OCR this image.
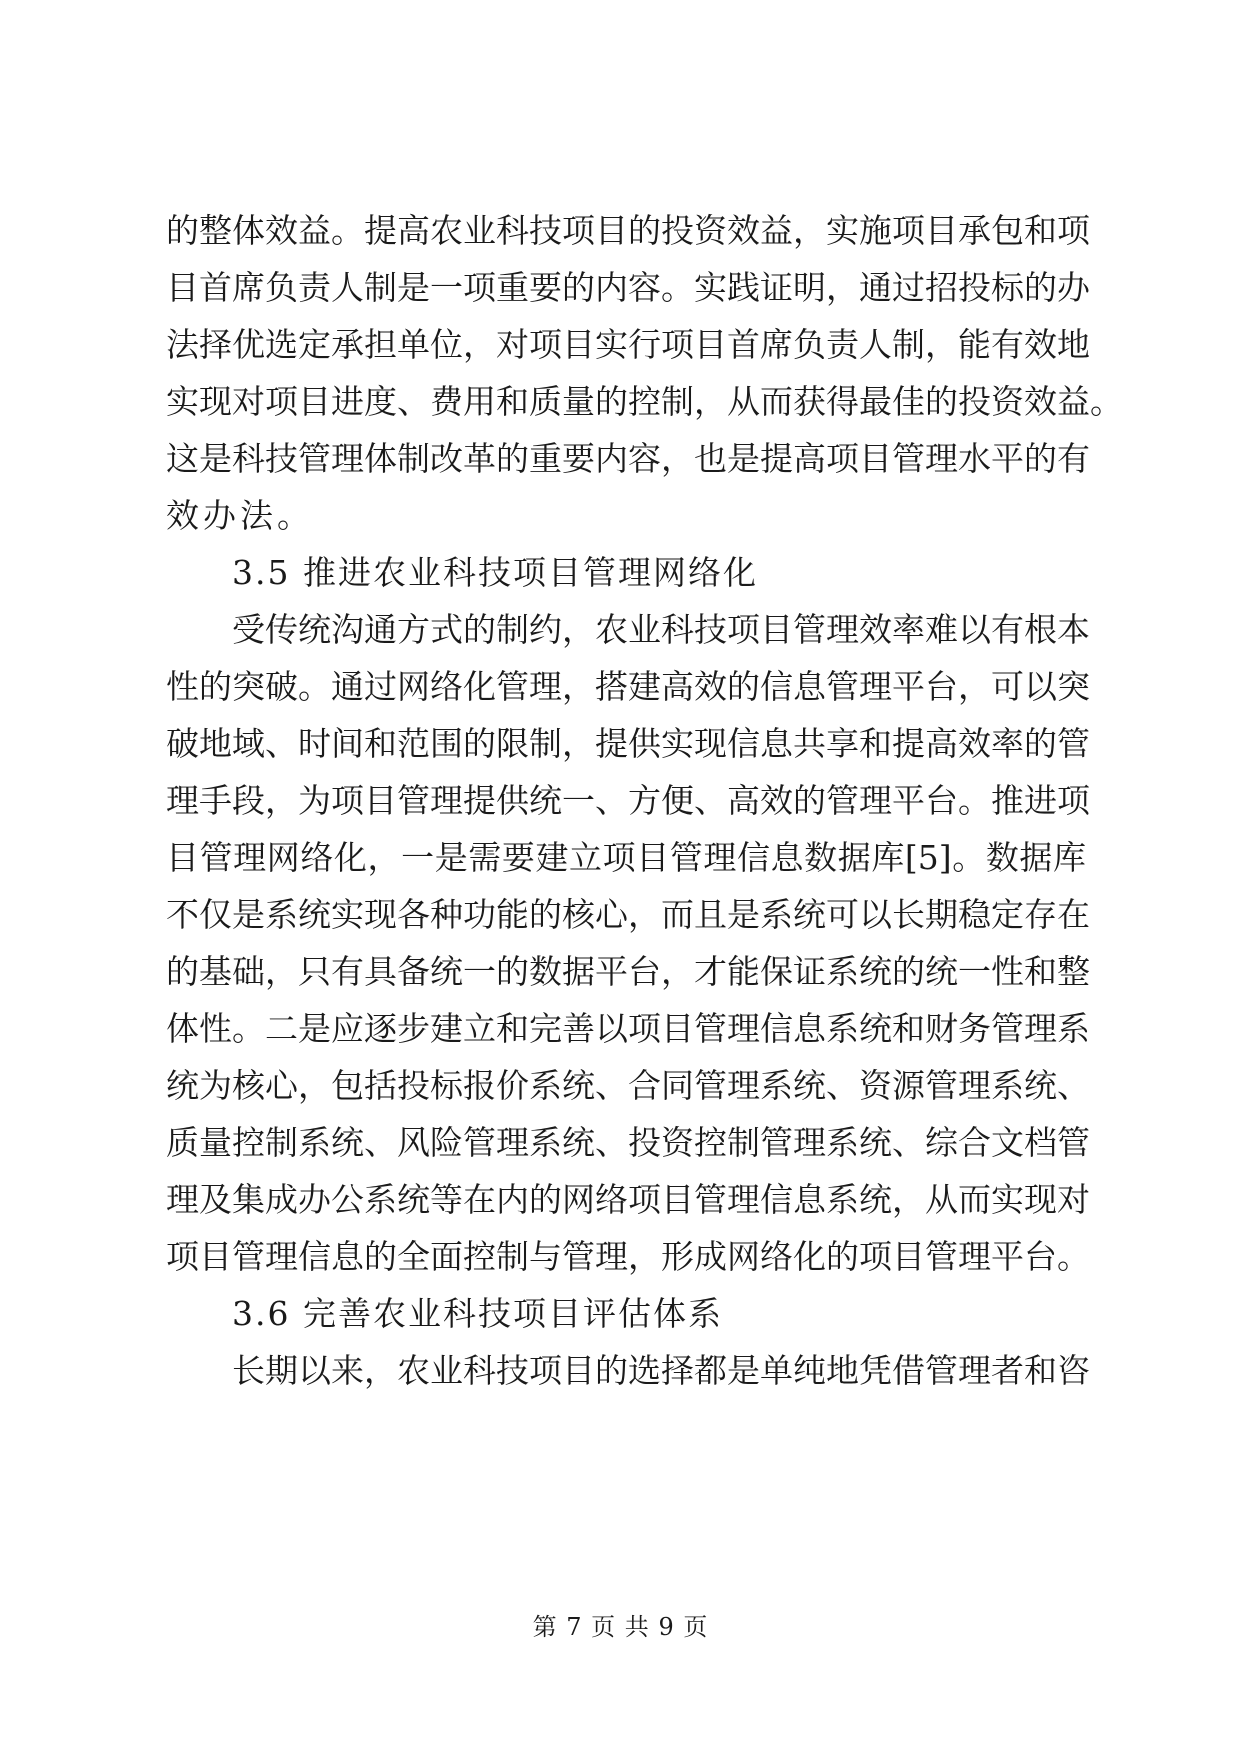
的整体效益。提高农业科技项目的投资效益，实施项目承包和项
目首席负责人制是一项重要的内容。实践证明，通过招投标的办
法择优选定承担单位，对项目实行项目首席负责人制，能有效地
实现对项目进度、费用和质量的控制，从而获得最佳的投资效益。
这是科技管理体制改革的重要内容，也是提高项目管理水平的有
效办法。
3.5 推进农业科技项目管理网络化
受传统沟通方式的制约，农业科技项目管理效率难以有根本
性的突破。通过网络化管理，搭建高效的信息管理平台，可以突
破地域、时间和范围的限制，提供实现信息共享和提高效率的管
理手段，为项目管理提供统一、方便、高效的管理平台。推进项
目管理网络化，一是需要建立项目管理信息数据库[5]。数据库
不仅是系统实现各种功能的核心，而且是系统可以长期稳定存在
的基础，只有具备统一的数据平台，才能保证系统的统一性和整
体性。二是应逐步建立和完善以项目管理信息系统和财务管理系
统为核心，包括投标报价系统、合同管理系统、资源管理系统、
质量控制系统、风险管理系统、投资控制管理系统、综合文档管
理及集成办公系统等在内的网络项目管理信息系统，从而实现对
项目管理信息的全面控制与管理，形成网络化的项目管理平台。
3.6 完善农业科技项目评估体系
长期以来，农业科技项目的选择都是单纯地凭借管理者和咨
第 7 页 共 9 页
